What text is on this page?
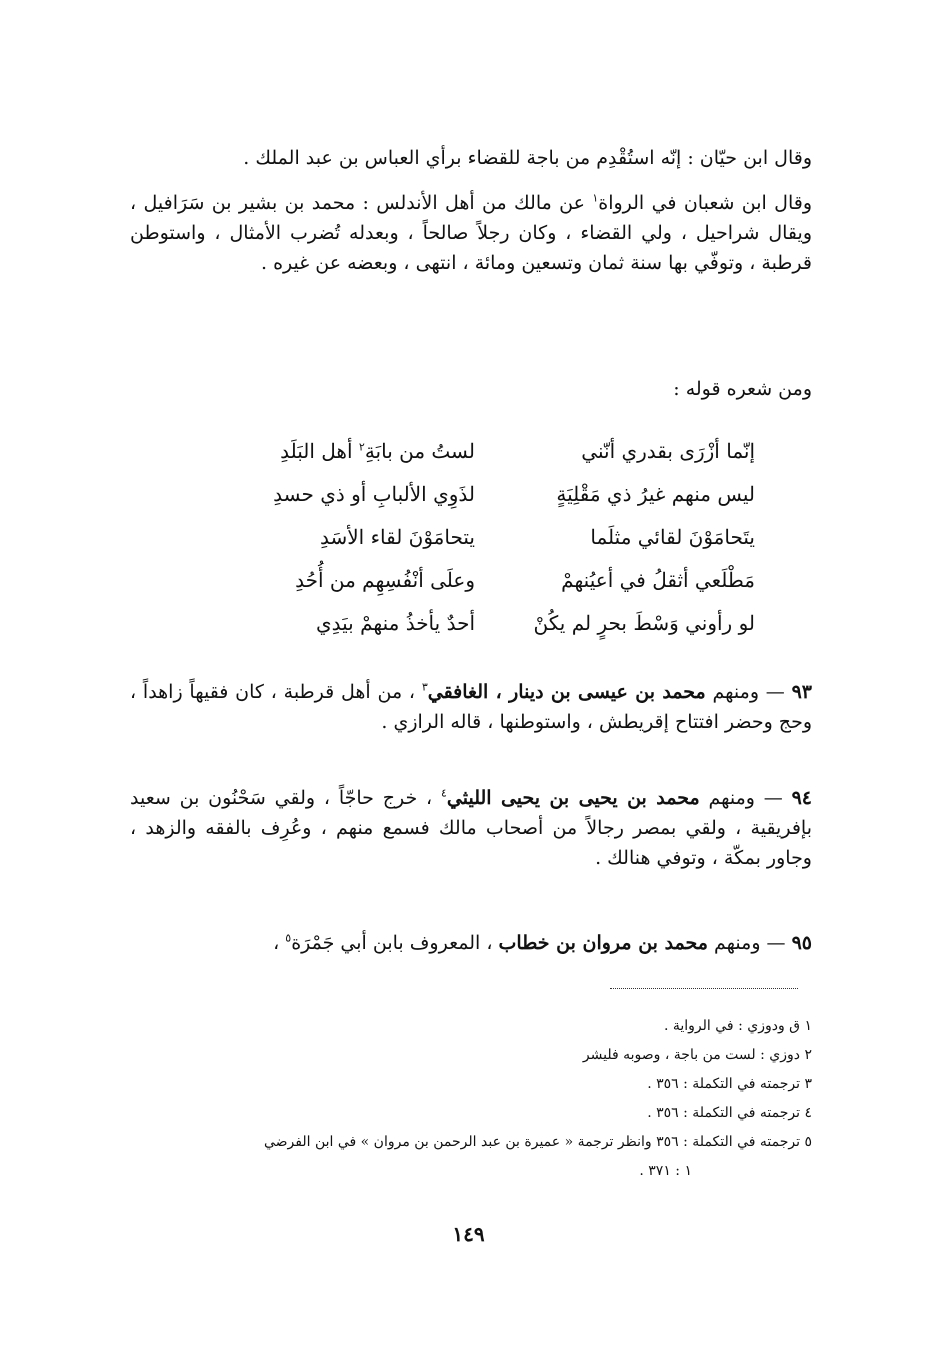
وقال ابن حيّان : إنّه استُقْدِم من باجة للقضاء برأي العباس بن عبد الملك .
وقال ابن شعبان في الرواة$^١$ عن مالك من أهل الأندلس : محمد بن بشير بن سَرَافيل ، ويقال شراحيل ، ولي القضاء ، وكان رجلاً صالحاً ، وبعدله تُضرب الأمثال ، واستوطن قرطبة ، وتوفّي بها سنة ثمان وتسعين ومائة ، انتهى ، وبعضه عن غيره .
ومن شعره قوله :
إنّما أزْرَى بقدري أنّني
لستُ من بابَةِ$^٢$ أهل البَلَدِ
ليس منهم غيرُ ذي مَقْلِيَةٍ
لذَوِي الألبابِ أو ذي حسدِ
يتَحامَوْنَ لقائي مثلَما
يتحامَوْنَ لقاء الأسَدِ
مَطْلَعي أثقلُ في أعيُنهمْ
وعلَى أنْفُسِهِم من أُحُدِ
لو رأوني وَسْطَ بحرٍ لم يكُنْ
أحدٌ يأخذُ منهمْ بيَدِي
٩٣ — ومنهم محمد بن عيسى بن دينار ، الغافقي$^٣$ ، من أهل قرطبة ، كان فقيهاً زاهداً ، وحج وحضر افتتاح إقريطش ، واستوطنها ، قاله الرازي .
٩٤ — ومنهم محمد بن يحيى بن يحيى الليثي$^٤$ ، خرج حاجّاً ، ولقي سَحْنُون بن سعيد بإفريقية ، ولقي بمصر رجالاً من أصحاب مالك فسمع منهم ، وعُرِف بالفقه والزهد ، وجاور بمكّة ، وتوفي هنالك .
٩٥ — ومنهم محمد بن مروان بن خطاب ، المعروف بابن أبي جَمْرَة$^٥$ ،
١ ق ودوزي : في الرواية .
٢ دوزي : لست من باجة ، وصوبه فليشر
٣ ترجمته في التكملة : ٣٥٦ .
٤ ترجمته في التكملة : ٣٥٦ .
٥ ترجمته في التكملة : ٣٥٦ وانظر ترجمة « عميرة بن عبد الرحمن بن مروان » في ابن الفرضي
١ : ٣٧١ .
١٤٩
